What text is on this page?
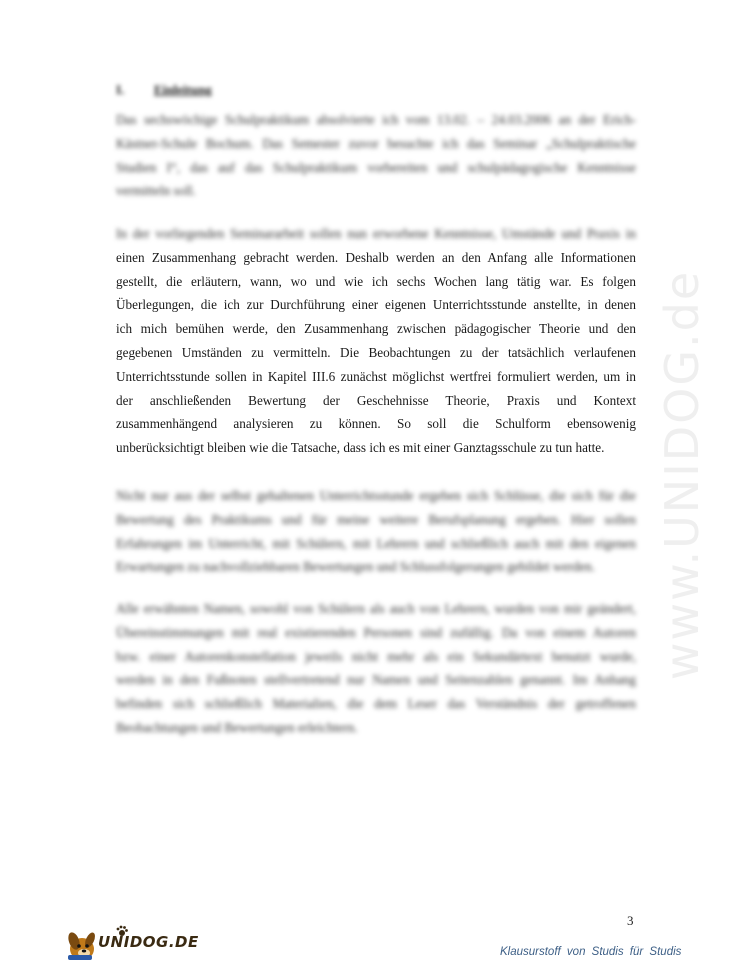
www.UNIDOG.de
I. Einleitung
Das sechswöchige Schulpraktikum absolvierte ich vom 13.02. – 24.03.2006 an der Erich-
Kästner-Schule Bochum. Das Semester zuvor besuchte ich das Seminar „Schulpraktische
Studien I“, das auf das Schulpraktikum vorbereiten und schulpädagogische Kenntnisse
vermitteln soll.
In der vorliegenden Seminararbeit sollen nun erworbene Kenntnisse, Umstände und Praxis in
einen Zusammenhang gebracht werden. Deshalb werden an den Anfang alle Informationen
gestellt, die erläutern, wann, wo und wie ich sechs Wochen lang tätig war. Es folgen
Überlegungen, die ich zur Durchführung einer eigenen Unterrichtsstunde anstellte, in denen
ich mich bemühen werde, den Zusammenhang zwischen pädagogischer Theorie und den
gegebenen Umständen zu vermitteln. Die Beobachtungen zu der tatsächlich verlaufenen
Unterrichtsstunde sollen in Kapitel III.6 zunächst möglichst wertfrei formuliert werden, um in
der anschließenden Bewertung der Geschehnisse Theorie, Praxis und Kontext
zusammenhängend analysieren zu können. So soll die Schulform ebensowenig
unberücksichtigt bleiben wie die Tatsache, dass ich es mit einer Ganztagsschule zu tun hatte.
Nicht nur aus der selbst gehaltenen Unterrichtsstunde ergeben sich Schlüsse, die sich für die
Bewertung des Praktikums und für meine weitere Berufsplanung ergeben. Hier sollen
Erfahrungen im Unterricht, mit Schülern, mit Lehrern und schließlich auch mit den eigenen
Erwartungen zu nachvollziehbaren Bewertungen und Schlussfolgerungen gebildet werden.
Alle erwähnten Namen, sowohl von Schülern als auch von Lehrern, wurden von mir geändert,
Übereinstimmungen mit real existierenden Personen sind zufällig. Da von einem Autoren
bzw. einer Autorenkonstellation jeweils nicht mehr als ein Sekundärtext benutzt wurde,
werden in den Fußnoten stellvertretend nur Namen und Seitenzahlen genannt. Im Anhang
befinden sich schließlich Materialien, die dem Leser das Verständnis der getroffenen
Beobachtungen und Bewertungen erleichtern.
3
UNIDOG.DE
Klausurstoff von Studis für Studis
